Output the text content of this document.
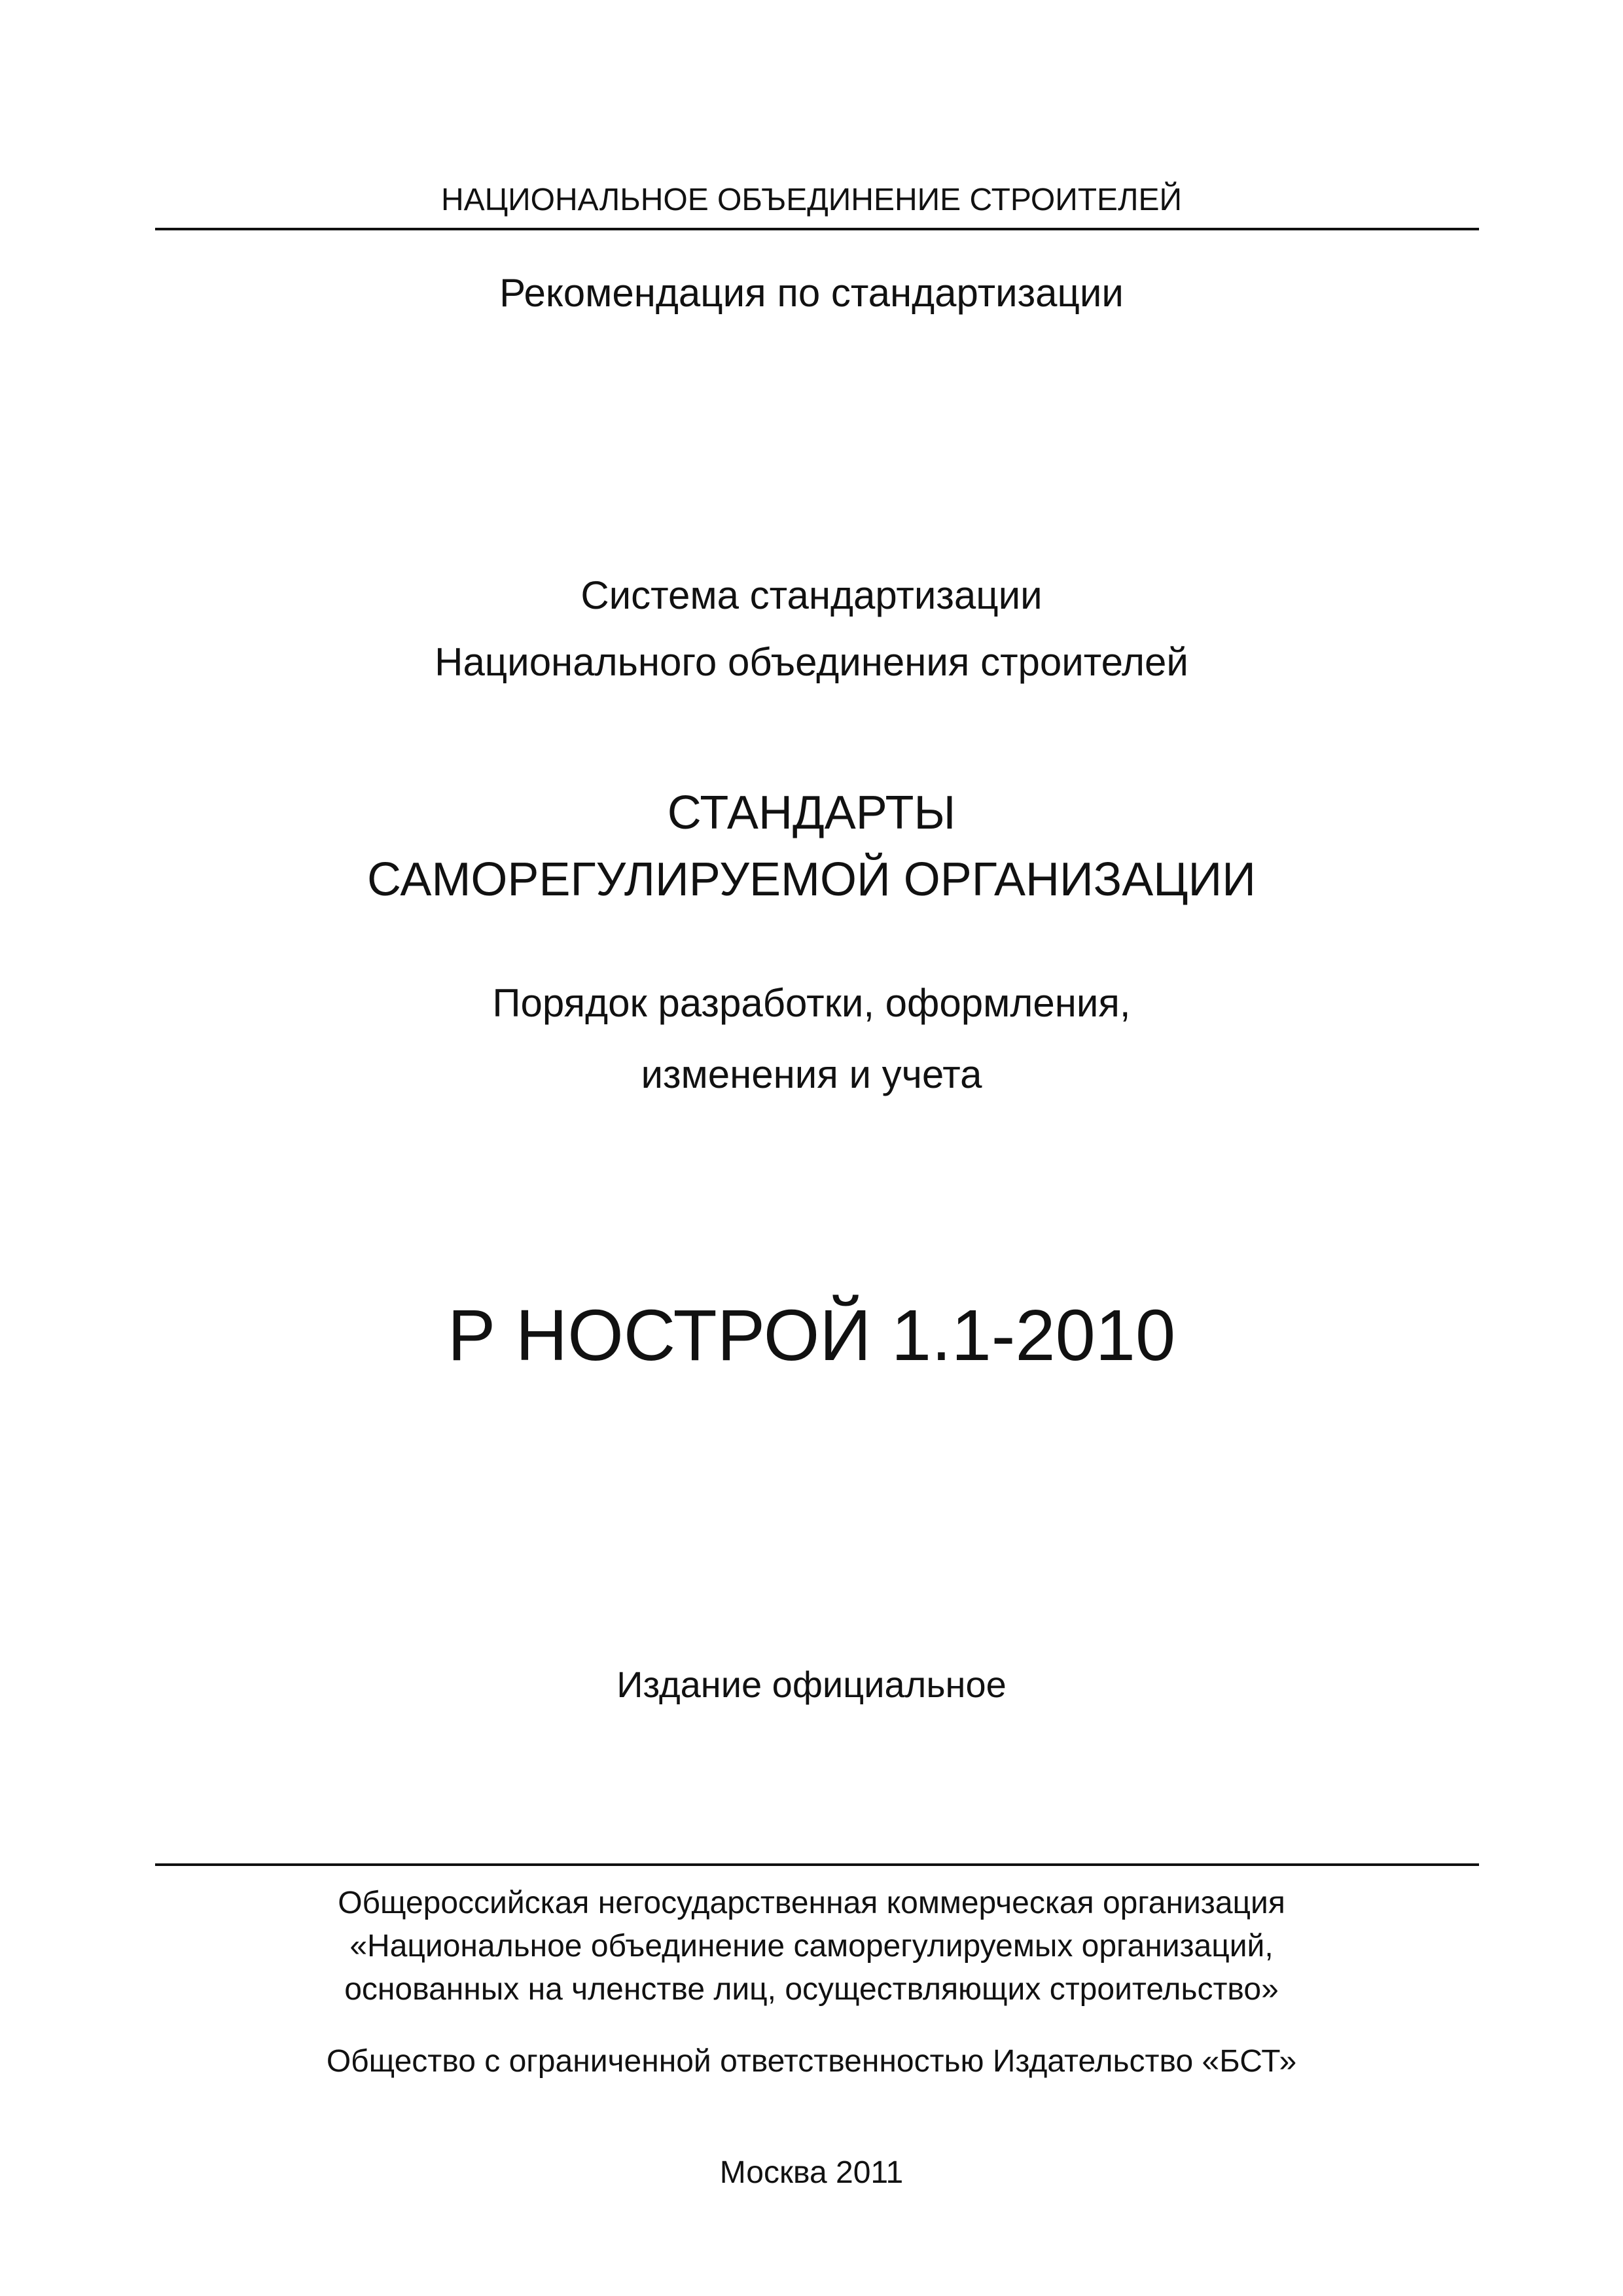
НАЦИОНАЛЬНОЕ ОБЪЕДИНЕНИЕ СТРОИТЕЛЕЙ
Рекомендация по стандартизации
Система стандартизации
Национального объединения строителей
СТАНДАРТЫ
САМОРЕГУЛИРУЕМОЙ ОРГАНИЗАЦИИ
Порядок разработки, оформления,
изменения и учета
Р НОСТРОЙ 1.1-2010
Издание официальное
Общероссийская негосударственная коммерческая организация
«Национальное объединение саморегулируемых организаций,
основанных на членстве лиц, осуществляющих строительство»
Общество с ограниченной ответственностью Издательство «БСТ»
Москва 2011
